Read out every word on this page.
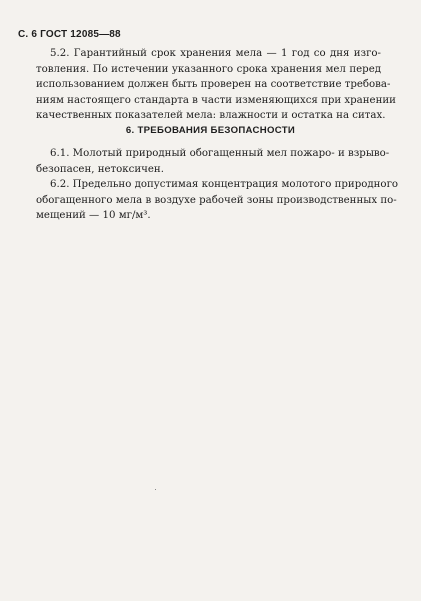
С. 6 ГОСТ 12085—88
5.2. Гарантийный срок хранения мела — 1 год со дня изго-
товления. По истечении указанного срока хранения мел перед
использованием должен быть проверен на соответствие требова-
ниям настоящего стандарта в части изменяющихся при хранении
качественных показателей мела: влажности и остатка на ситах.
6. ТРЕБОВАНИЯ БЕЗОПАСНОСТИ
6.1. Молотый природный обогащенный мел пожаро- и взрыво-
безопасен, нетоксичен.
6.2. Предельно допустимая концентрация молотого природного
обогащенного мела в воздухе рабочей зоны производственных по-
мещений — 10 мг/м³.
